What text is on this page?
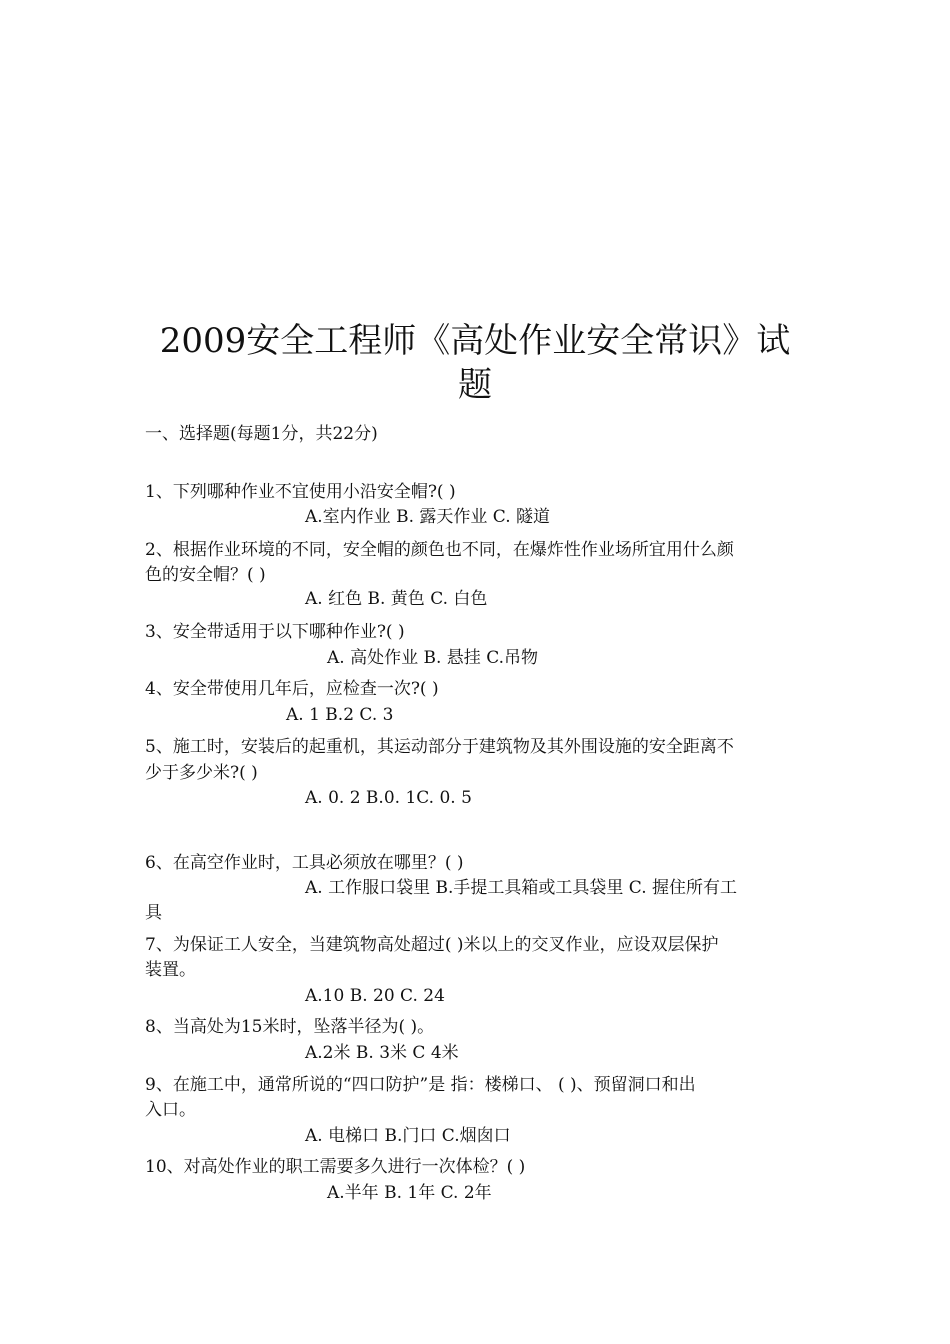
2009安全工程师《高处作业安全常识》试
题
一、选择题(每题1分，共22分)
1、下列哪种作业不宜使用小沿安全帽?( )
A.室内作业 B. 露天作业 C. 隧道
2、根据作业环境的不同，安全帽的颜色也不同，在爆炸性作业场所宜用什么颜
色的安全帽？( )
A. 红色 B. 黄色 C. 白色
3、安全带适用于以下哪种作业?( )
A. 高处作业 B. 悬挂 C.吊物
4、安全带使用几年后，应检查一次?( )
A. 1 B.2 C. 3
5、施工时，安装后的起重机，其运动部分于建筑物及其外围设施的安全距离不
少于多少米?( )
A. 0. 2 B.0. 1C. 0. 5
6、在高空作业时，工具必须放在哪里？( )
A. 工作服口袋里 B.手提工具箱或工具袋里 C. 握住所有工
具
7、为保证工人安全，当建筑物高处超过( )米以上的交叉作业，应设双层保护
装置。
A.10 B. 20 C. 24
8、当高处为15米时，坠落半径为( )。
A.2米 B. 3米 C 4米
9、在施工中，通常所说的“四口防护”是 指：楼梯口、 ( )、预留洞口和出
入口。
A. 电梯口 B.门口 C.烟囱口
10、对高处作业的职工需要多久进行一次体检？( )
A.半年 B. 1年 C. 2年
